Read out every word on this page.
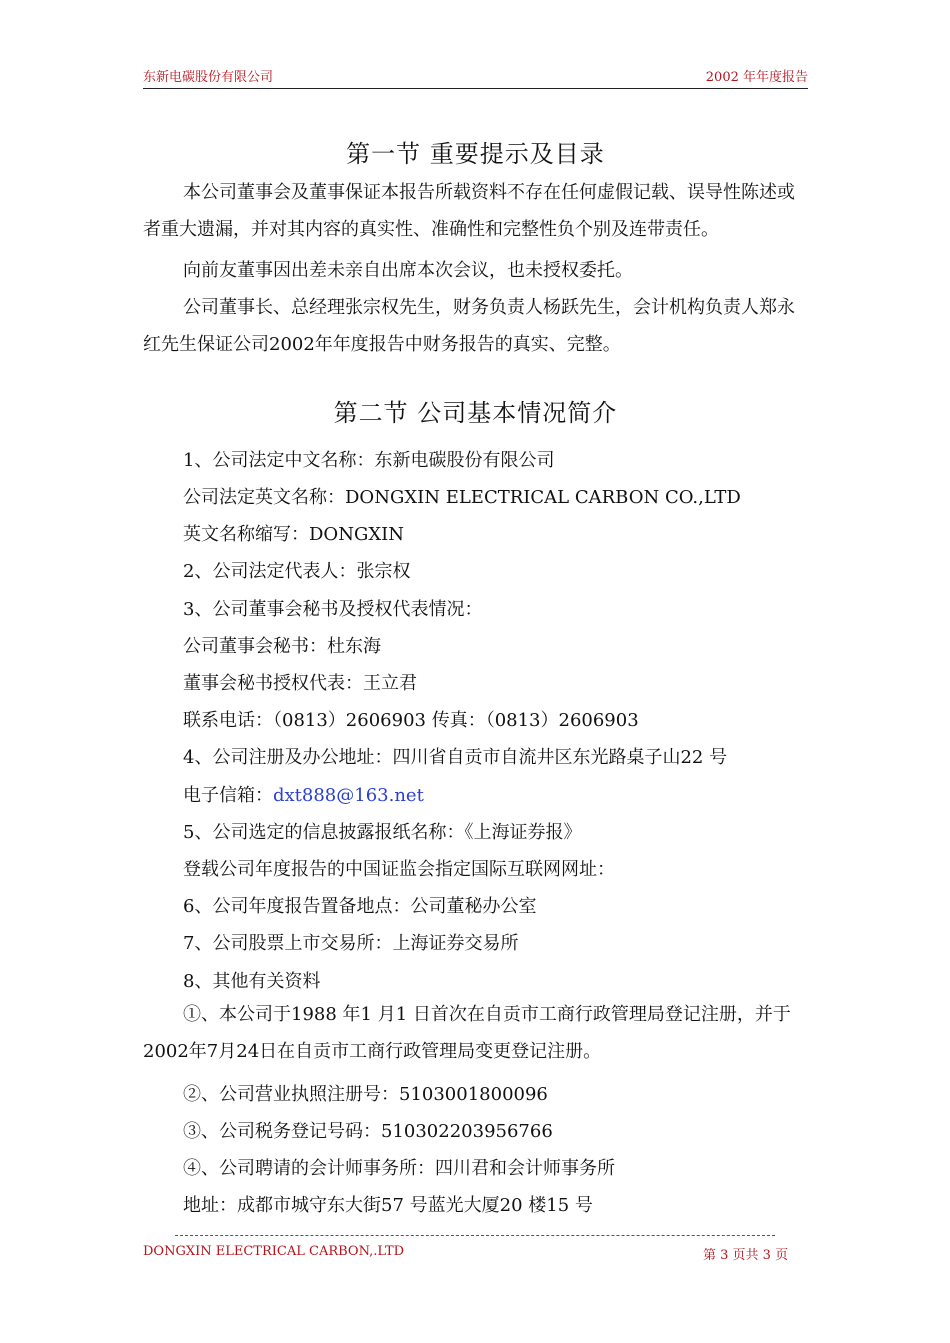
东新电碳股份有限公司	2002 年年度报告
第一节 重要提示及目录
本公司董事会及董事保证本报告所载资料不存在任何虚假记载、误导性陈述或者重大遗漏，并对其内容的真实性、准确性和完整性负个别及连带责任。
向前友董事因出差未亲自出席本次会议，也未授权委托。
公司董事长、总经理张宗权先生，财务负责人杨跃先生，会计机构负责人郑永红先生保证公司2002年年度报告中财务报告的真实、完整。
第二节 公司基本情况简介
1、公司法定中文名称：东新电碳股份有限公司
公司法定英文名称：DONGXIN ELECTRICAL CARBON CO.,LTD
英文名称缩写：DONGXIN
2、公司法定代表人：张宗权
3、公司董事会秘书及授权代表情况：
公司董事会秘书：杜东海
董事会秘书授权代表：王立君
联系电话：（0813）2606903 传真：（0813）2606903
4、公司注册及办公地址：四川省自贡市自流井区东光路桌子山22 号
电子信箱：dxt888@163.net
5、公司选定的信息披露报纸名称：《上海证券报》
登载公司年度报告的中国证监会指定国际互联网网址：
6、公司年度报告置备地点：公司董秘办公室
7、公司股票上市交易所：上海证券交易所
8、其他有关资料
①、本公司于1988 年1 月1 日首次在自贡市工商行政管理局登记注册，并于2002年7月24日在自贡市工商行政管理局变更登记注册。
②、公司营业执照注册号：5103001800096
③、公司税务登记号码：510302203956766
④、公司聘请的会计师事务所：四川君和会计师事务所
地址：成都市城守东大街57 号蓝光大厦20 楼15 号
DONGXIN ELECTRICAL CARBON,.LTD	第 3 页共 3 页
